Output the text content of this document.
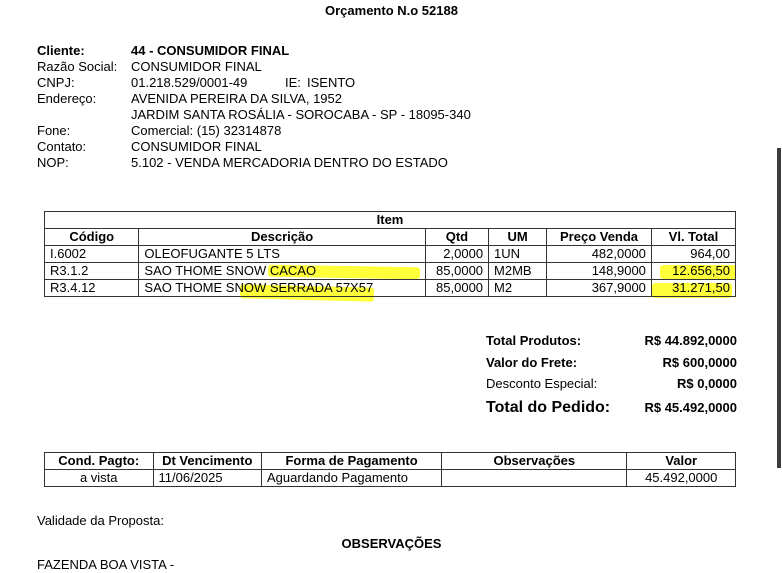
Orçamento N.o 52188
Cliente:	44 - CONSUMIDOR FINAL
Razão Social: CONSUMIDOR FINAL
CNPJ:	01.218.529/0001-49	IE: ISENTO
Endereço:	AVENIDA PEREIRA DA SILVA, 1952
JARDIM SANTA ROSÁLIA - SOROCABA - SP - 18095-340
Fone:	Comercial: (15) 32314878
Contato:	CONSUMIDOR FINAL
NOP:	5.102 - VENDA MERCADORIA DENTRO DO ESTADO
Item					
Código	Descrição	Qtd	UM	Preço Venda	Vl. Total
I.6002	OLEOFUGANTE 5 LTS	2,0000	1UN	482,0000	964,00
R3.1.2	SAO THOME SNOW CACAO	85,0000	M2MB	148,9000	12.656,50
R3.4.12	SAO THOME SNOW SERRADA 57X57	85,0000	M2	367,9000	31.271,50
Total Produtos:	R$ 44.892,0000
Valor do Frete:	R$ 600,0000
Desconto Especial:	R$ 0,0000
Total do Pedido:	R$ 45.492,0000
Cond. Pagto:	Dt Vencimento	Forma de Pagamento	Observações	Valor
a vista	11/06/2025	Aguardando Pagamento		45.492,0000
Validade da Proposta:
OBSERVAÇÕES
FAZENDA BOA VISTA -
